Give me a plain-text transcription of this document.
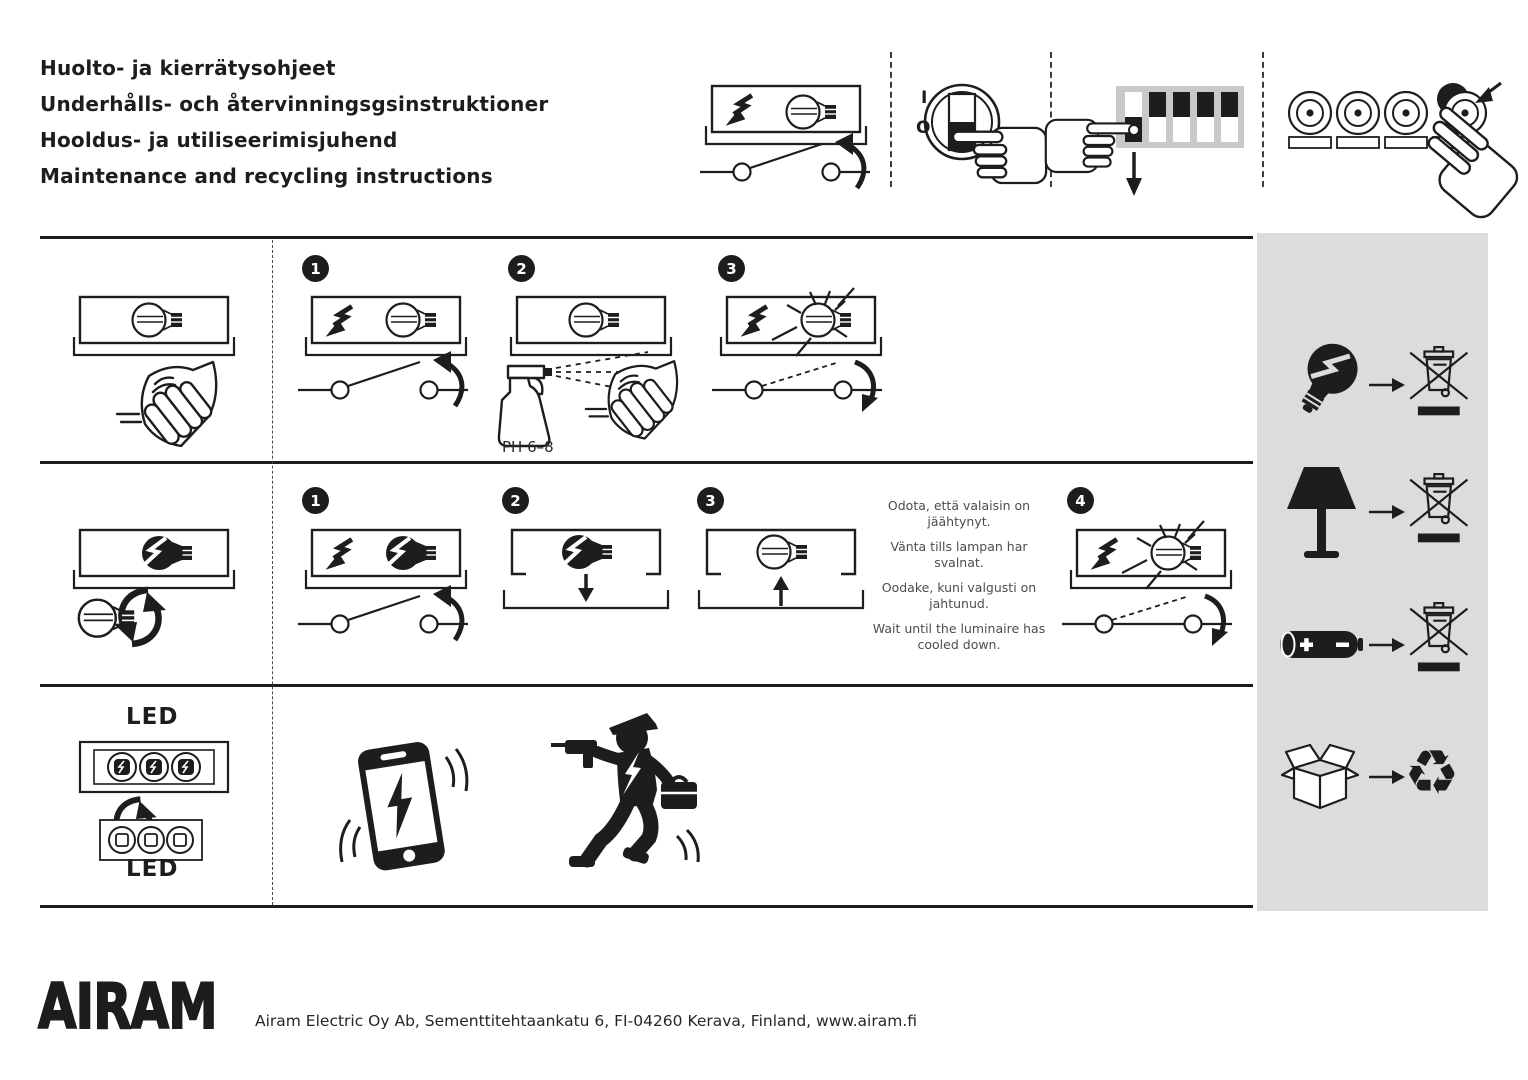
Huolto- ja kierrätysohjeet
Underhålls- och återvinningsgsinstruktioner
Hooldus- ja utiliseerimisjuhend
Maintenance and recycling instructions
I
O
1	2
PH 6–8
3
1	2	3	Odota, että valaisin on jäähtynyt.

Vänta tills lampan har svalnat.

Oodake, kuni valgusti on jahtunud.

Wait until the luminaire has cooled down.

4
LED
LED
♻
AIRAM Airam Electric Oy Ab, Sementtitehtaankatu 6, FI-04260 Kerava, Finland, www.airam.fi
